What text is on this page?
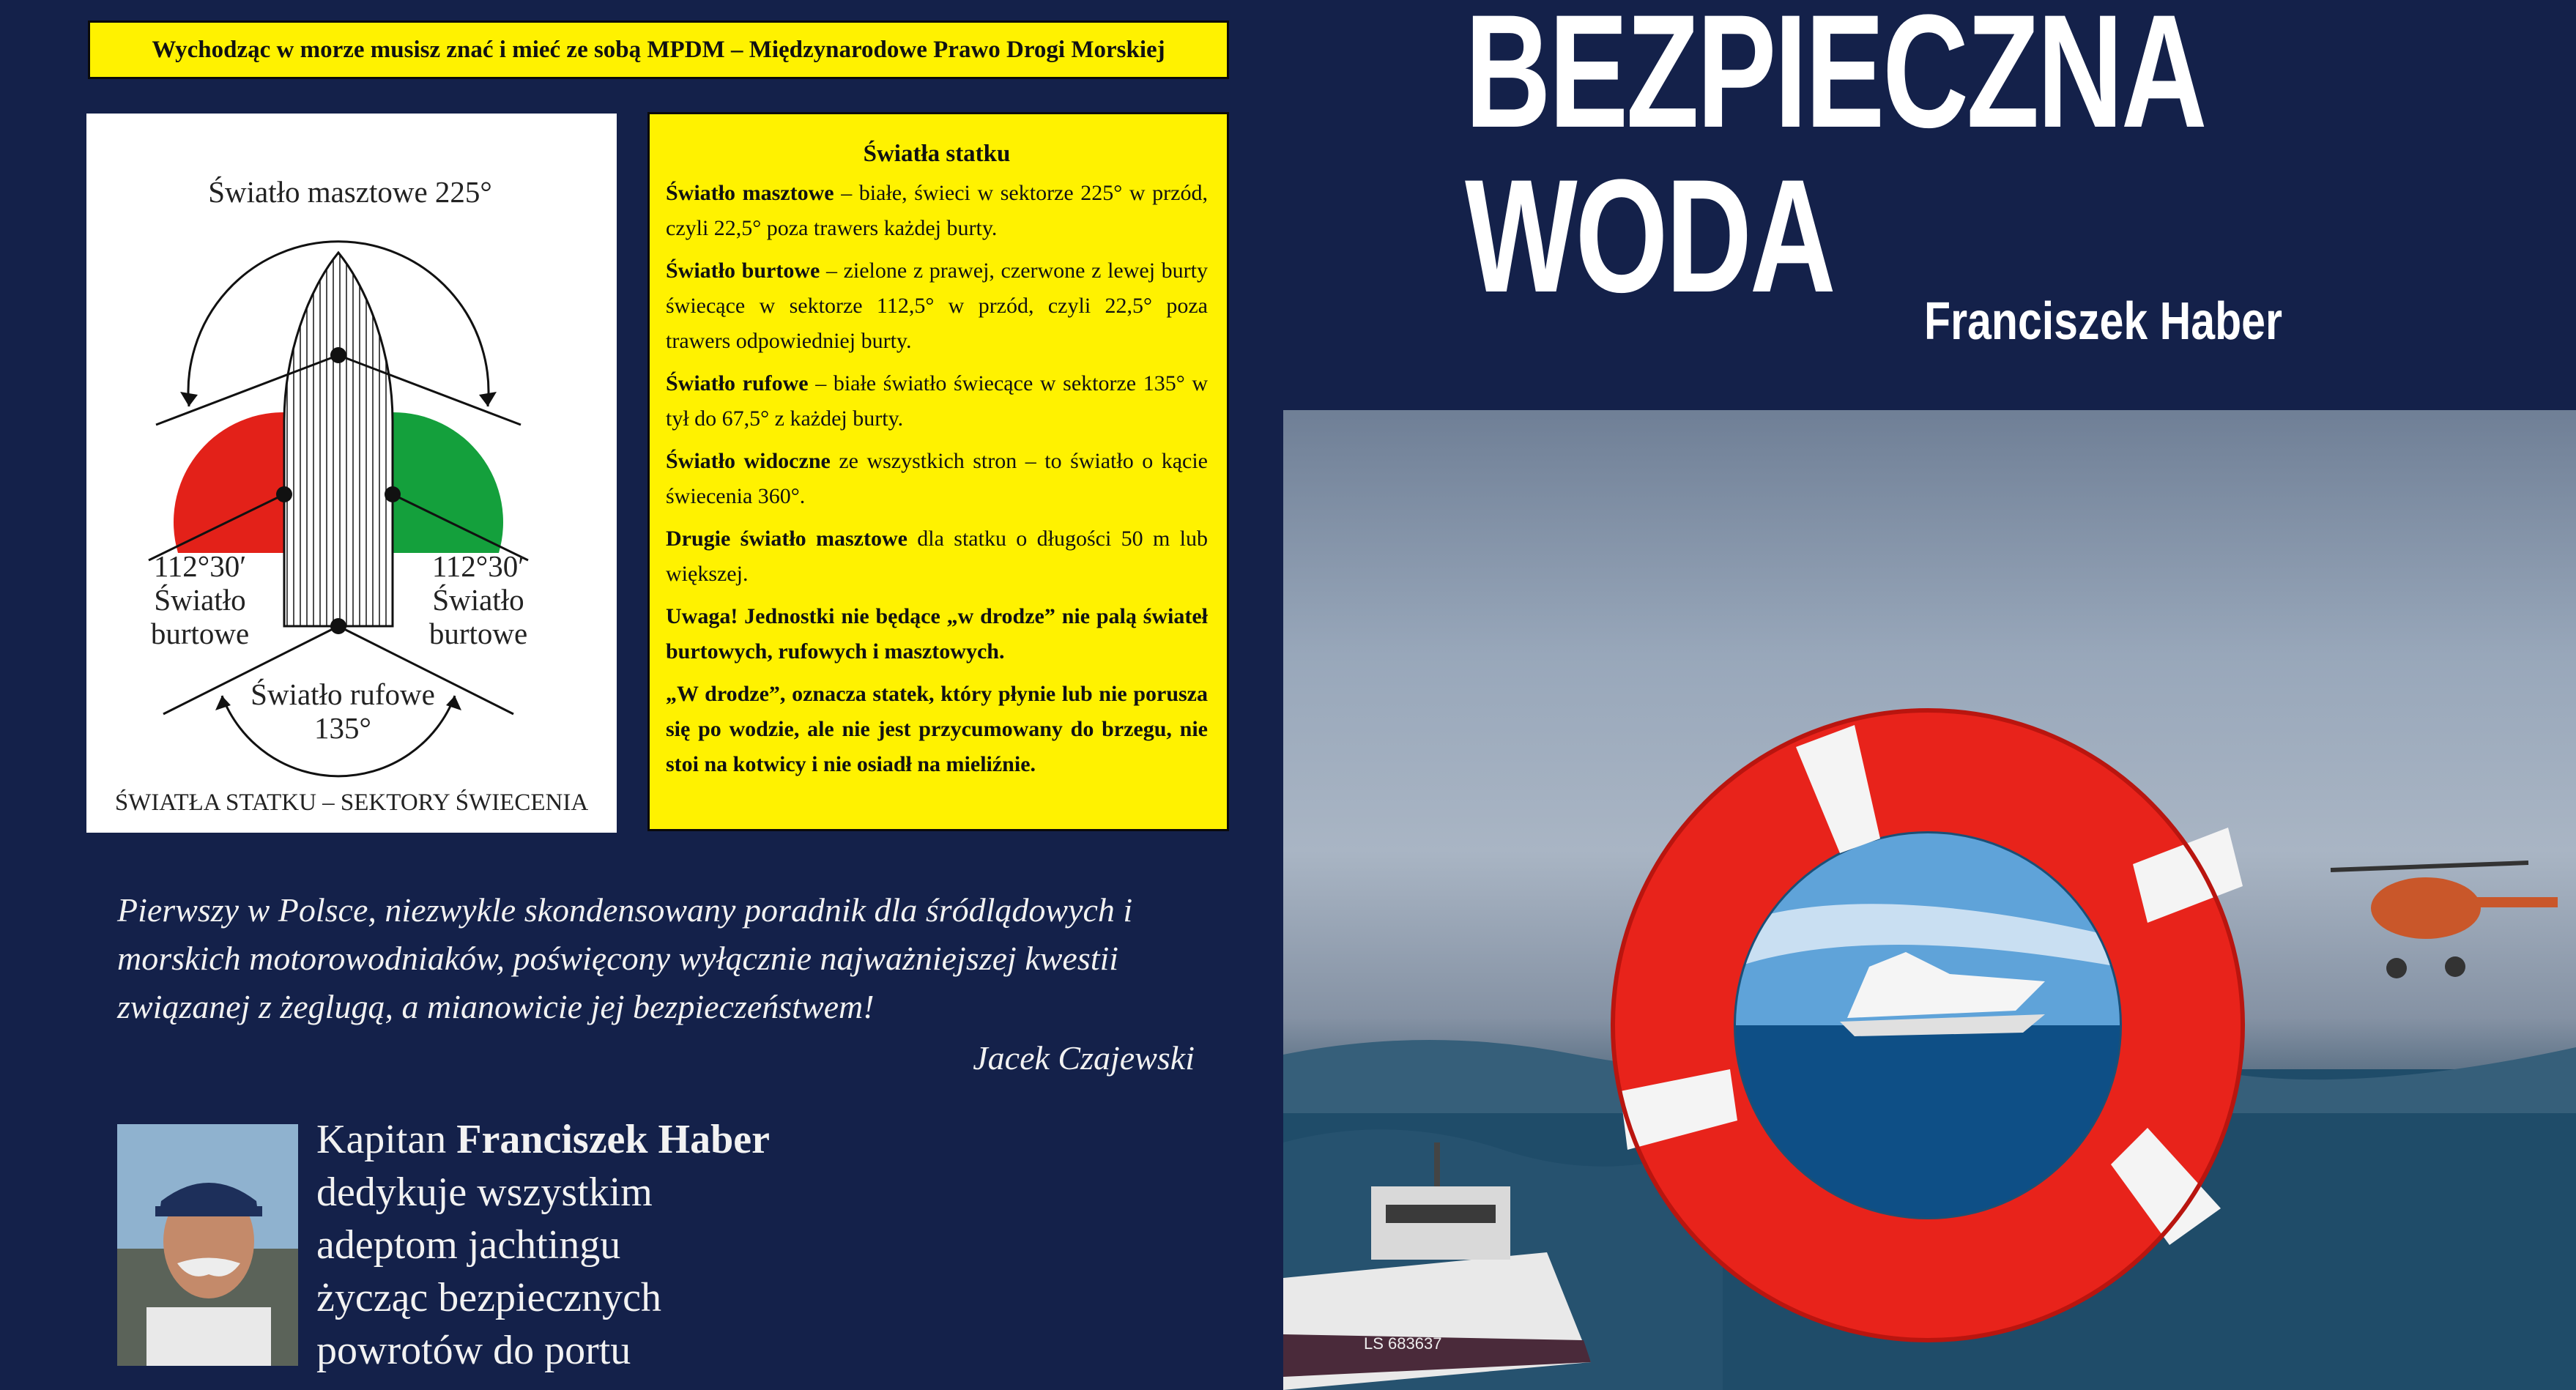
Wychodząc w morze musisz znać i mieć ze sobą MPDM – Międzynarodowe Prawo Drogi Morskiej
Światło masztowe 225°
112°30′
Światło
burtowe
112°30′
Światło
burtowe
Światło rufowe
135°
ŚWIATŁA STATKU – SEKTORY ŚWIECENIA
Światła statku

Światło masztowe – białe, świeci w sektorze 225° w przód, czyli 22,5° poza trawers każdej burty.

Światło burtowe – zielone z prawej, czerwone z lewej burty świecące w sektorze 112,5° w przód, czyli 22,5° poza trawers odpowiedniej burty.

Światło rufowe – białe światło świecące w sektorze 135° w tył do 67,5° z każdej burty.

Światło widoczne ze wszystkich stron – to światło o kącie świecenia 360°.

Drugie światło masztowe dla statku o długości 50 m lub większej.

Uwaga! Jednostki nie będące „w drodze” nie palą świateł burtowych, rufowych i masztowych.

„W drodze”, oznacza statek, który płynie lub nie porusza się po wodzie, ale nie jest przycumowany do brzegu, nie stoi na kotwicy i nie osiadł na mieliźnie.

Pierwszy w Polsce, niezwykle skondensowany poradnik dla śródlądowych i morskich motorowodniaków, poświęcony wyłącznie najważniejszej kwestii związanej z żeglugą, a mianowicie jej bezpieczeństwem!
Jacek Czajewski
Kapitan Franciszek Haber
dedykuje wszystkim
adeptom jachtingu
życząc bezpiecznych
powrotów do portu
BEZPIECZNA
WODA	Franciszek Haber
LS 683637
